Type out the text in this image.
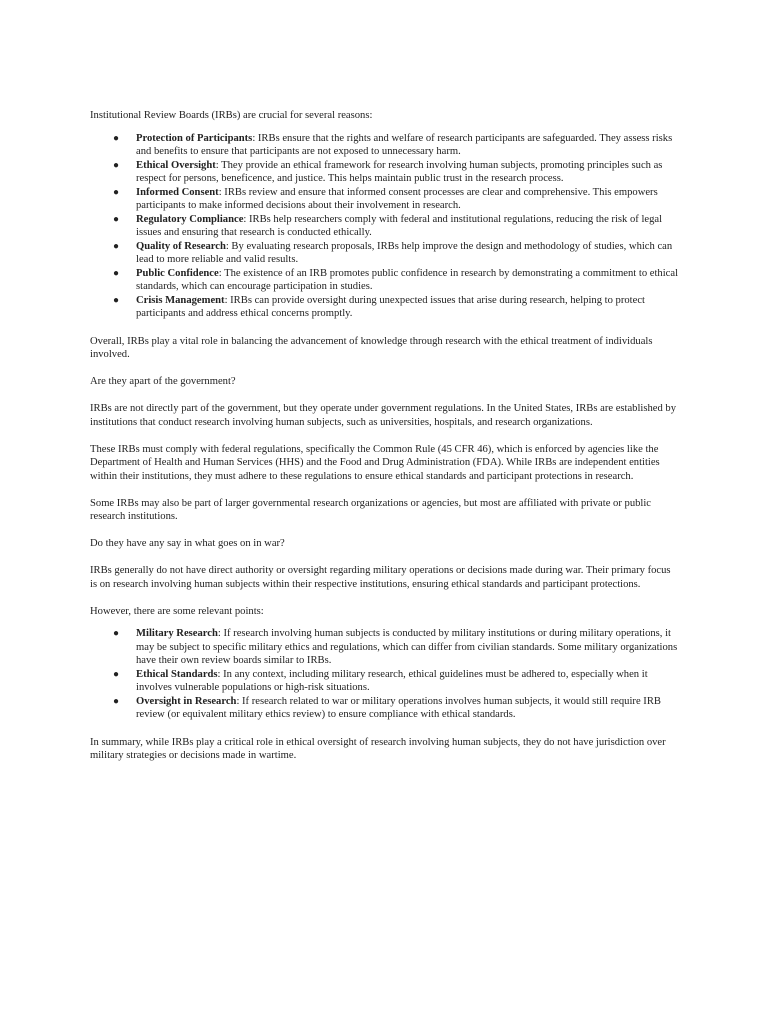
Institutional Review Boards (IRBs) are crucial for several reasons:

● Protection of Participants: IRBs ensure that the rights and welfare of research participants are safeguarded. They assess risks and benefits to ensure that participants are not exposed to unnecessary harm.
● Ethical Oversight: They provide an ethical framework for research involving human subjects, promoting principles such as respect for persons, beneficence, and justice. This helps maintain public trust in the research process.
● Informed Consent: IRBs review and ensure that informed consent processes are clear and comprehensive. This empowers participants to make informed decisions about their involvement in research.
● Regulatory Compliance: IRBs help researchers comply with federal and institutional regulations, reducing the risk of legal issues and ensuring that research is conducted ethically.
● Quality of Research: By evaluating research proposals, IRBs help improve the design and methodology of studies, which can lead to more reliable and valid results.
● Public Confidence: The existence of an IRB promotes public confidence in research by demonstrating a commitment to ethical standards, which can encourage participation in studies.
● Crisis Management: IRBs can provide oversight during unexpected issues that arise during research, helping to protect participants and address ethical concerns promptly.

Overall, IRBs play a vital role in balancing the advancement of knowledge through research with the ethical treatment of individuals involved.

Are they apart of the government?

IRBs are not directly part of the government, but they operate under government regulations. In the United States, IRBs are established by institutions that conduct research involving human subjects, such as universities, hospitals, and research organizations.

These IRBs must comply with federal regulations, specifically the Common Rule (45 CFR 46), which is enforced by agencies like the Department of Health and Human Services (HHS) and the Food and Drug Administration (FDA). While IRBs are independent entities within their institutions, they must adhere to these regulations to ensure ethical standards and participant protections in research.

Some IRBs may also be part of larger governmental research organizations or agencies, but most are affiliated with private or public research institutions.

Do they have any say in what goes on in war?

IRBs generally do not have direct authority or oversight regarding military operations or decisions made during war. Their primary focus is on research involving human subjects within their respective institutions, ensuring ethical standards and participant protections.

However, there are some relevant points:

● Military Research: If research involving human subjects is conducted by military institutions or during military operations, it may be subject to specific military ethics and regulations, which can differ from civilian standards. Some military organizations have their own review boards similar to IRBs.
● Ethical Standards: In any context, including military research, ethical guidelines must be adhered to, especially when it involves vulnerable populations or high-risk situations.
● Oversight in Research: If research related to war or military operations involves human subjects, it would still require IRB review (or equivalent military ethics review) to ensure compliance with ethical standards.

In summary, while IRBs play a critical role in ethical oversight of research involving human subjects, they do not have jurisdiction over military strategies or decisions made in wartime.
